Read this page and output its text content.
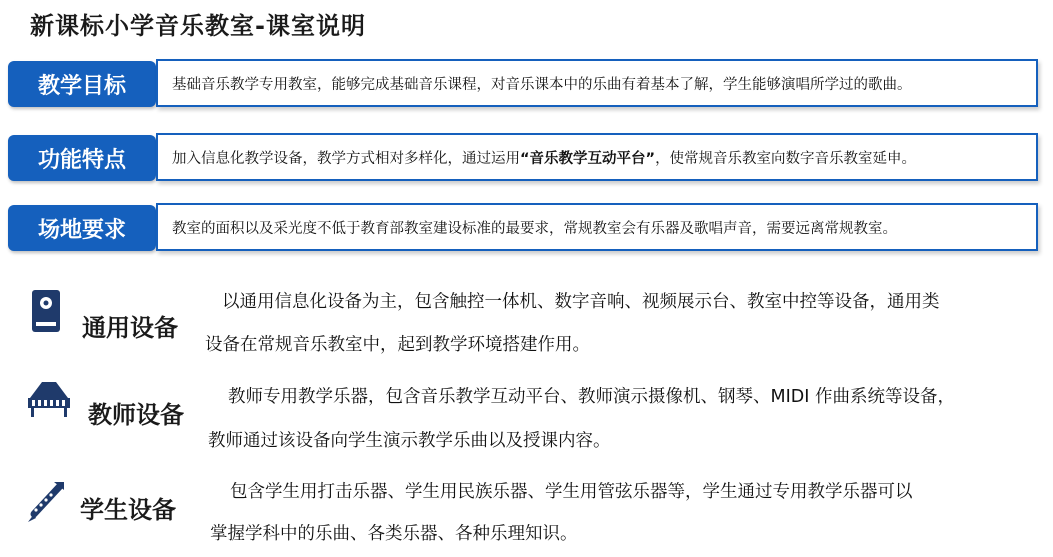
新课标小学音乐教室-课室说明
教学目标	基础音乐教学专用教室，能够完成基础音乐课程，对音乐课本中的乐曲有着基本了解，学生能够演唱所学过的歌曲。
功能特点	加入信息化教学设备，教学方式相对多样化，通过运用 “音乐教学互动平台” ，使常规音乐教室向数字音乐教室延申。
场地要求	教室的面积以及采光度不低于教育部教室建设标准的最要求，常规教室会有乐器及歌唱声音，需要远离常规教室。
通用设备
以通用信息化设备为主，包含触控一体机、数字音响、视频展示台、教室中控等设备，通用类
设备在常规音乐教室中，起到教学环境搭建作用。
教师设备
教师专用教学乐器，包含音乐教学互动平台、教师演示摄像机、钢琴、MIDI 作曲系统等设备，
教师通过该设备向学生演示教学乐曲以及授课内容。
学生设备
包含学生用打击乐器、学生用民族乐器、学生用管弦乐器等，学生通过专用教学乐器可以
掌握学科中的乐曲、各类乐器、各种乐理知识。
